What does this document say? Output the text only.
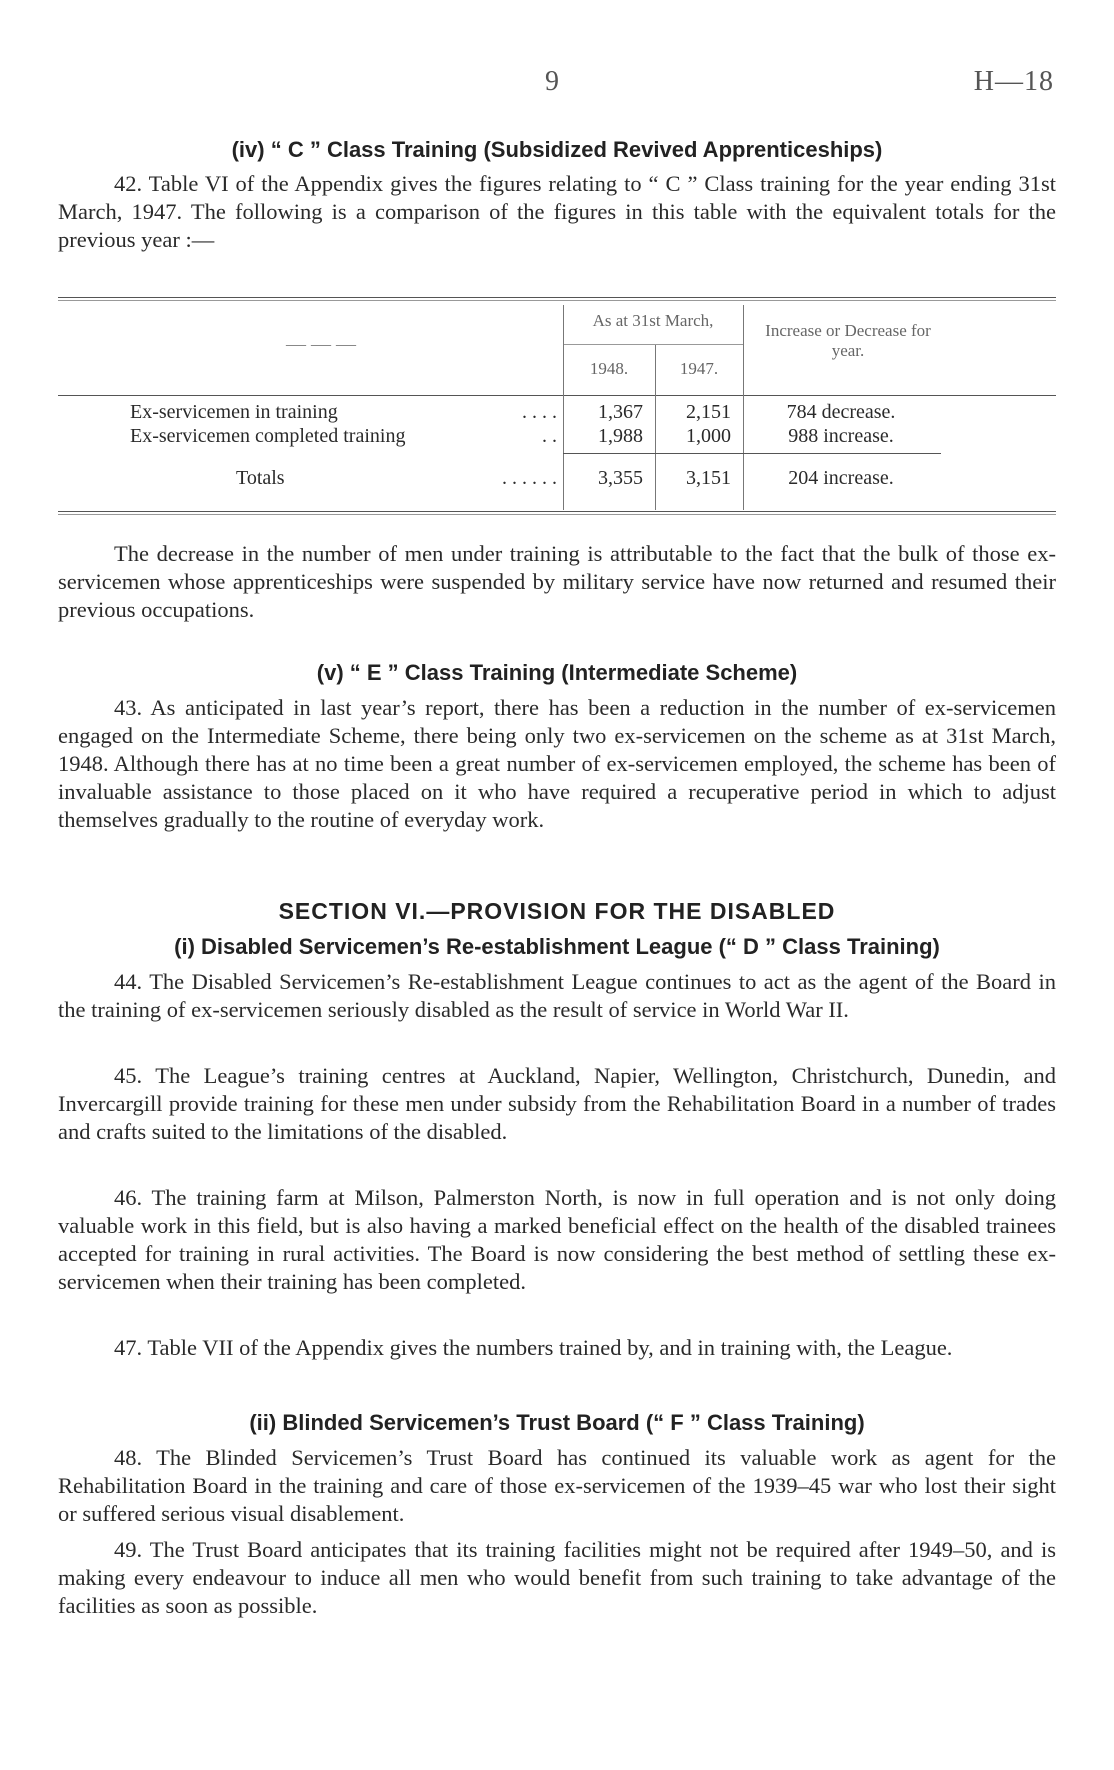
9	H—18
(iv) “ C ” Class Training (Subsidized Revived Apprenticeships)

42. Table VI of the Appendix gives the figures relating to “ C ” Class training for the year ending 31st March, 1947. The following is a comparison of the figures in this table with the equivalent totals for the previous year :—

— — —
As at 31st March,
1948.	1947.
Increase or Decrease for year.
Ex-servicemen in training	. . . .	1,367	2,151	784 decrease.
Ex-servicemen completed training	. .	1,988	1,000	988 increase.
Totals	. . . . . .	3,355	3,151	204 increase.

The decrease in the number of men under training is attributable to the fact that the bulk of those ex-servicemen whose apprenticeships were suspended by military service have now returned and resumed their previous occupations.

(v) “ E ” Class Training (Intermediate Scheme)

43. As anticipated in last year’s report, there has been a reduction in the number of ex-servicemen engaged on the Intermediate Scheme, there being only two ex-servicemen on the scheme as at 31st March, 1948. Although there has at no time been a great number of ex-servicemen employed, the scheme has been of invaluable assistance to those placed on it who have required a recuperative period in which to adjust themselves gradually to the routine of everyday work.

SECTION VI.—PROVISION FOR THE DISABLED
(i) Disabled Servicemen’s Re-establishment League (“ D ” Class Training)

44. The Disabled Servicemen’s Re-establishment League continues to act as the agent of the Board in the training of ex-servicemen seriously disabled as the result of service in World War II.

45. The League’s training centres at Auckland, Napier, Wellington, Christchurch, Dunedin, and Invercargill provide training for these men under subsidy from the Rehabilitation Board in a number of trades and crafts suited to the limitations of the disabled.

46. The training farm at Milson, Palmerston North, is now in full operation and is not only doing valuable work in this field, but is also having a marked beneficial effect on the health of the disabled trainees accepted for training in rural activities. The Board is now considering the best method of settling these ex-servicemen when their training has been completed.

47. Table VII of the Appendix gives the numbers trained by, and in training with, the League.

(ii) Blinded Servicemen’s Trust Board (“ F ” Class Training)

48. The Blinded Servicemen’s Trust Board has continued its valuable work as agent for the Rehabilitation Board in the training and care of those ex-servicemen of the 1939–45 war who lost their sight or suffered serious visual disablement.

49. The Trust Board anticipates that its training facilities might not be required after 1949–50, and is making every endeavour to induce all men who would benefit from such training to take advantage of the facilities as soon as possible.
